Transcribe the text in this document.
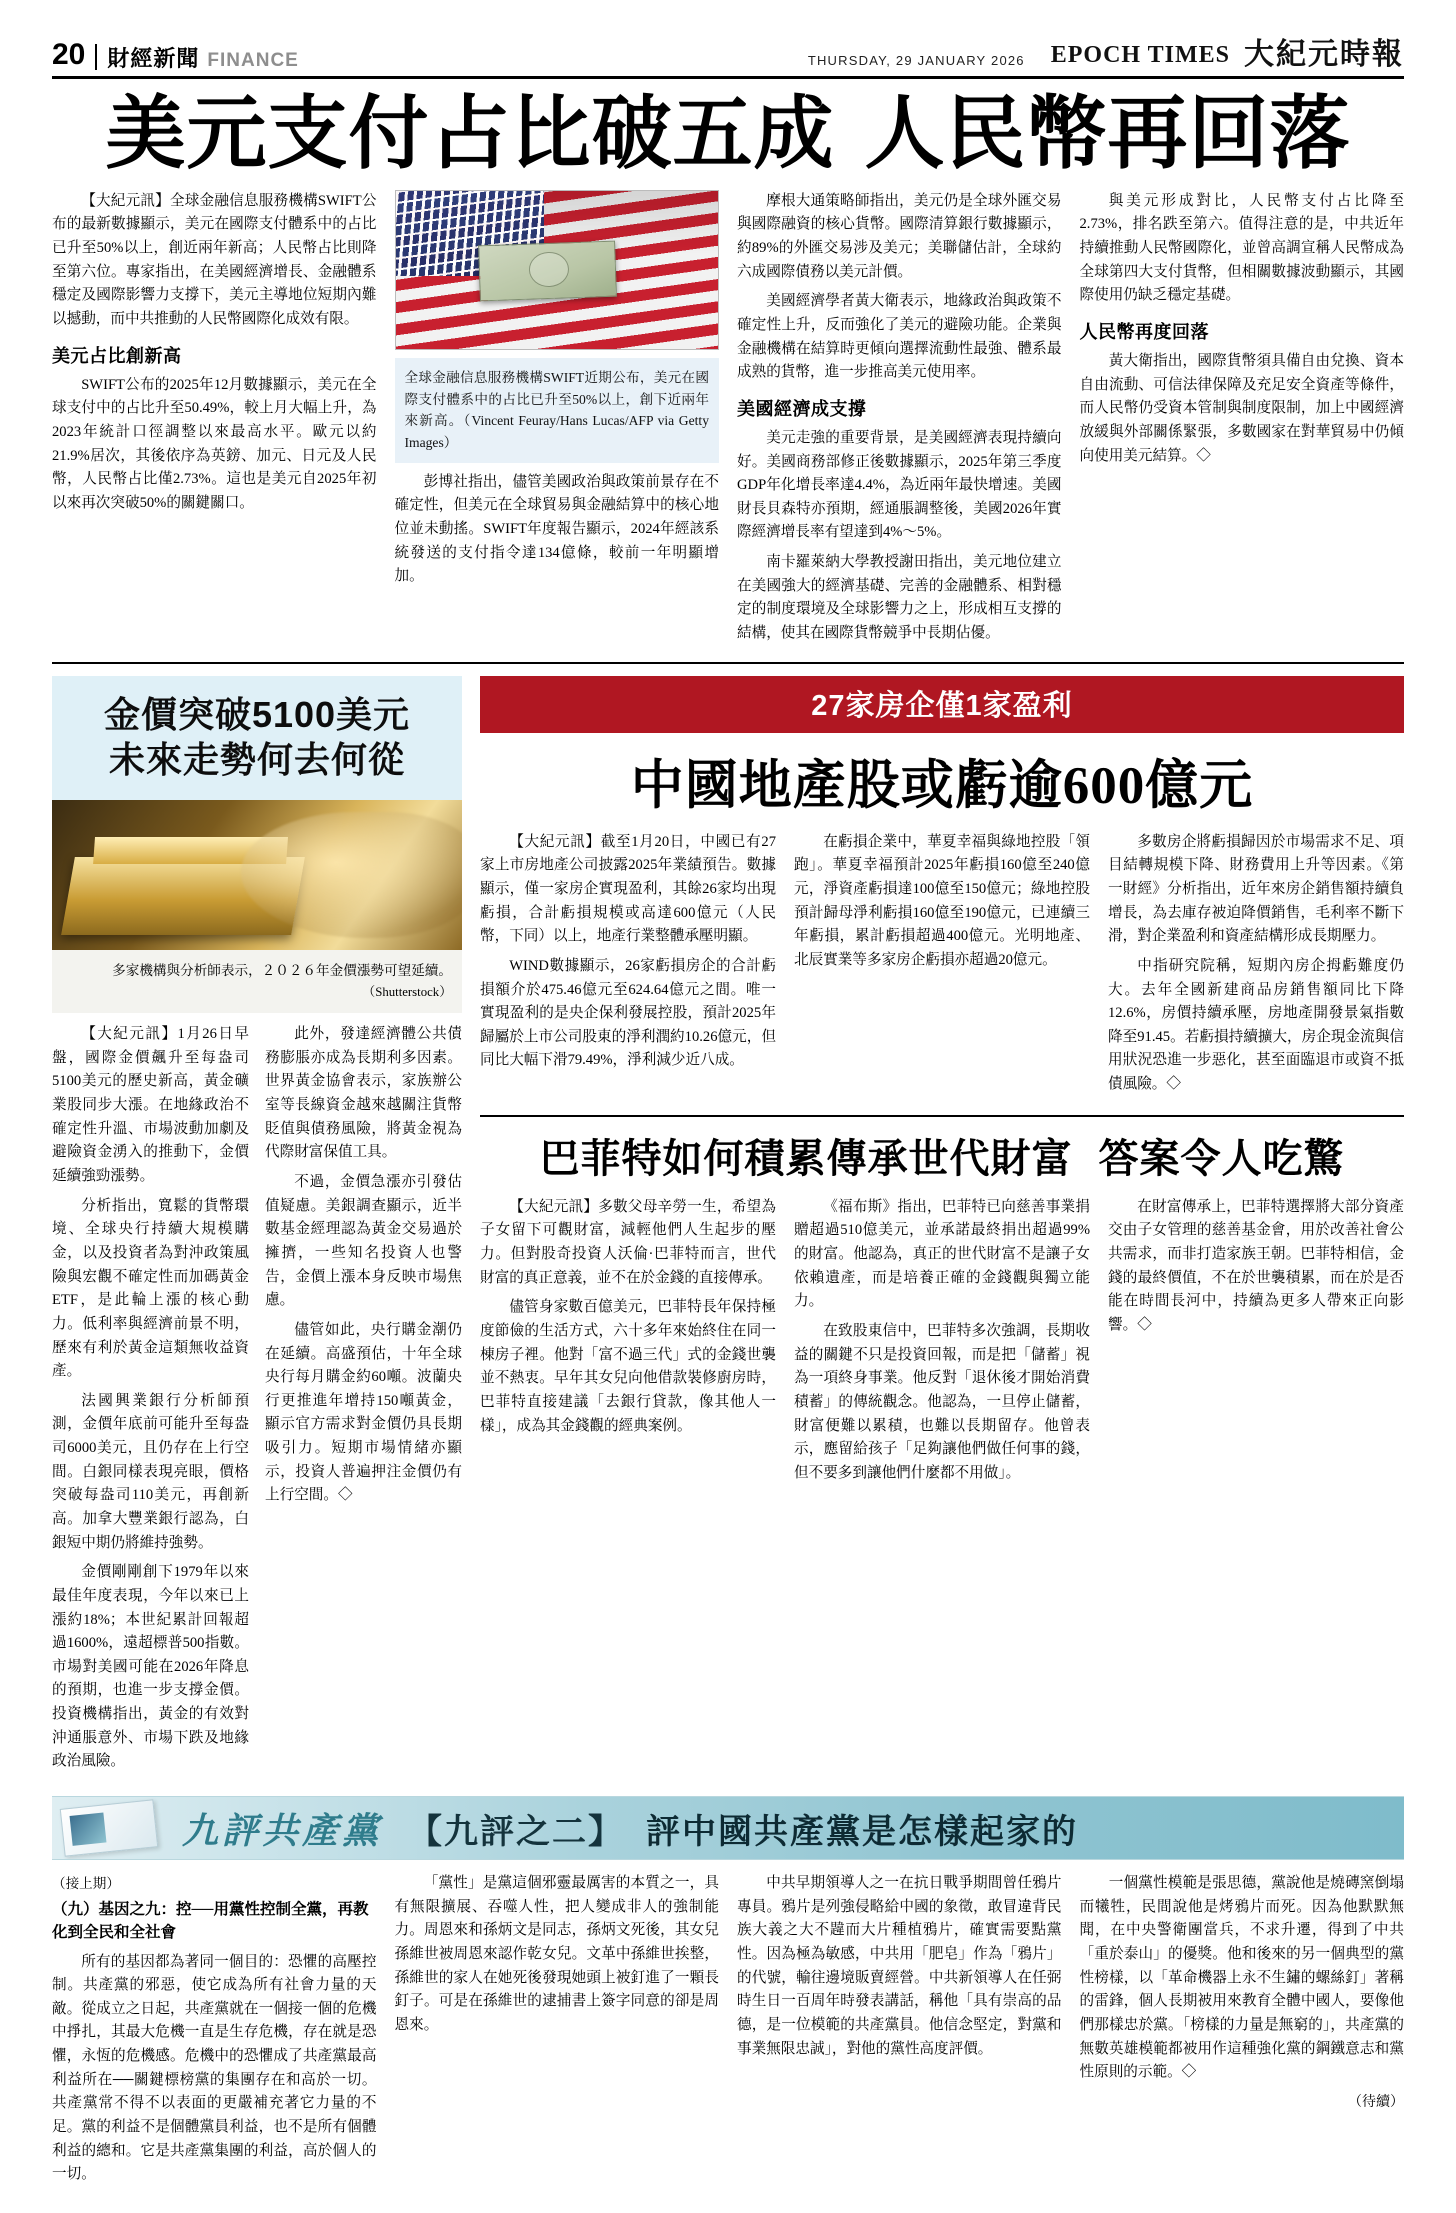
20 財經新聞 FINANCE	THURSDAY, 29 JANUARY 2026 EPOCH TIMES 大紀元時報
美元支付占比破五成 人民幣再回落

【大紀元訊】全球金融信息服務機構SWIFT公布的最新數據顯示，美元在國際支付體系中的占比已升至50%以上，創近兩年新高；人民幣占比則降至第六位。專家指出，在美國經濟增長、金融體系穩定及國際影響力支撐下，美元主導地位短期內難以撼動，而中共推動的人民幣國際化成效有限。

美元占比創新高

SWIFT公布的2025年12月數據顯示，美元在全球支付中的占比升至50.49%，較上月大幅上升，為2023年統計口徑調整以來最高水平。歐元以約21.9%居次，其後依序為英鎊、加元、日元及人民幣，人民幣占比僅2.73%。這也是美元自2025年初以來再次突破50%的關鍵關口。

全球金融信息服務機構SWIFT近期公布，美元在國際支付體系中的占比已升至50%以上，創下近兩年來新高。（Vincent Feuray/Hans Lucas/AFP via Getty Images）

彭博社指出，儘管美國政治與政策前景存在不確定性，但美元在全球貿易與金融結算中的核心地位並未動搖。SWIFT年度報告顯示，2024年經該系統發送的支付指令達134億條，較前一年明顯增加。

摩根大通策略師指出，美元仍是全球外匯交易與國際融資的核心貨幣。國際清算銀行數據顯示，約89%的外匯交易涉及美元；美聯儲估計，全球約六成國際債務以美元計價。

美國經濟學者黃大衛表示，地緣政治與政策不確定性上升，反而強化了美元的避險功能。企業與金融機構在結算時更傾向選擇流動性最強、體系最成熟的貨幣，進一步推高美元使用率。

美國經濟成支撐

美元走強的重要背景，是美國經濟表現持續向好。美國商務部修正後數據顯示，2025年第三季度GDP年化增長率達4.4%，為近兩年最快增速。美國財長貝森特亦預期，經通脹調整後，美國2026年實際經濟增長率有望達到4%～5%。

南卡羅萊納大學教授謝田指出，美元地位建立在美國強大的經濟基礎、完善的金融體系、相對穩定的制度環境及全球影響力之上，形成相互支撐的結構，使其在國際貨幣競爭中長期佔優。

與美元形成對比，人民幣支付占比降至2.73%，排名跌至第六。值得注意的是，中共近年持續推動人民幣國際化，並曾高調宣稱人民幣成為全球第四大支付貨幣，但相關數據波動顯示，其國際使用仍缺乏穩定基礎。

人民幣再度回落

黃大衛指出，國際貨幣須具備自由兌換、資本自由流動、可信法律保障及充足安全資產等條件，而人民幣仍受資本管制與制度限制，加上中國經濟放緩與外部關係緊張，多數國家在對華貿易中仍傾向使用美元結算。◇

金價突破5100美元
未來走勢何去何從
多家機構與分析師表示，２０２６年金價漲勢可望延續。 （Shutterstock）

【大紀元訊】1月26日早盤，國際金價飆升至每盎司5100美元的歷史新高，黃金礦業股同步大漲。在地緣政治不確定性升溫、市場波動加劇及避險資金湧入的推動下，金價延續強勁漲勢。

分析指出，寬鬆的貨幣環境、全球央行持續大規模購金，以及投資者為對沖政策風險與宏觀不確定性而加碼黃金ETF，是此輪上漲的核心動力。低利率與經濟前景不明，歷來有利於黃金這類無收益資產。

法國興業銀行分析師預測，金價年底前可能升至每盎司6000美元，且仍存在上行空間。白銀同樣表現亮眼，價格突破每盎司110美元，再創新高。加拿大豐業銀行認為，白銀短中期仍將維持強勢。

金價剛剛創下1979年以來最佳年度表現，今年以來已上漲約18%；本世紀累計回報超過1600%，遠超標普500指數。市場對美國可能在2026年降息的預期，也進一步支撐金價。投資機構指出，黃金的有效對沖通脹意外、市場下跌及地緣政治風險。

此外，發達經濟體公共債務膨脹亦成為長期利多因素。世界黃金協會表示，家族辦公室等長線資金越來越關注貨幣貶值與債務風險，將黃金視為代際財富保值工具。

不過，金價急漲亦引發估值疑慮。美銀調查顯示，近半數基金經理認為黃金交易過於擁擠，一些知名投資人也警告，金價上漲本身反映市場焦慮。

儘管如此，央行購金潮仍在延續。高盛預估，十年全球央行每月購金約60噸。波蘭央行更推進年增持150噸黃金，顯示官方需求對金價仍具長期吸引力。短期市場情緒亦顯示，投資人普遍押注金價仍有上行空間。◇

27家房企僅1家盈利
中國地產股或虧逾600億元

【大紀元訊】截至1月20日，中國已有27家上市房地產公司披露2025年業績預告。數據顯示，僅一家房企實現盈利，其餘26家均出現虧損，合計虧損規模或高達600億元（人民幣，下同）以上，地產行業整體承壓明顯。

WIND數據顯示，26家虧損房企的合計虧損額介於475.46億元至624.64億元之間。唯一實現盈利的是央企保利發展控股，預計2025年歸屬於上市公司股東的淨利潤約10.26億元，但同比大幅下滑79.49%，淨利減少近八成。

在虧損企業中，華夏幸福與綠地控股「領跑」。華夏幸福預計2025年虧損160億至240億元，淨資產虧損達100億至150億元；綠地控股預計歸母淨利虧損160億至190億元，已連續三年虧損，累計虧損超過400億元。光明地產、北辰實業等多家房企虧損亦超過20億元。

多數房企將虧損歸因於市場需求不足、項目結轉規模下降、財務費用上升等因素。《第一財經》分析指出，近年來房企銷售額持續負增長，為去庫存被迫降價銷售，毛利率不斷下滑，對企業盈利和資產結構形成長期壓力。

中指研究院稱，短期內房企拇虧難度仍大。去年全國新建商品房銷售額同比下降12.6%，房價持續承壓，房地產開發景氣指數降至91.45。若虧損持續擴大，房企現金流與信用狀況恐進一步惡化，甚至面臨退市或資不抵債風險。◇

巴菲特如何積累傳承世代財富 答案令人吃驚

【大紀元訊】多數父母辛勞一生，希望為子女留下可觀財富，減輕他們人生起步的壓力。但對股奇投資人沃倫·巴菲特而言，世代財富的真正意義，並不在於金錢的直接傳承。

儘管身家數百億美元，巴菲特長年保持極度節儉的生活方式，六十多年來始終住在同一棟房子裡。他對「富不過三代」式的金錢世襲並不熱衷。早年其女兒向他借款裝修廚房時，巴菲特直接建議「去銀行貸款，像其他人一樣」，成為其金錢觀的經典案例。

《福布斯》指出，巴菲特已向慈善事業捐贈超過510億美元，並承諾最終捐出超過99%的財富。他認為，真正的世代財富不是讓子女依賴遺產，而是培養正確的金錢觀與獨立能力。

在致股東信中，巴菲特多次強調，長期收益的關鍵不只是投資回報，而是把「儲蓄」視為一項終身事業。他反對「退休後才開始消費積蓄」的傳統觀念。他認為，一旦停止儲蓄，財富便難以累積，也難以長期留存。他曾表示，應留給孩子「足夠讓他們做任何事的錢，但不要多到讓他們什麼都不用做」。

在財富傳承上，巴菲特選擇將大部分資產交由子女管理的慈善基金會，用於改善社會公共需求，而非打造家族王朝。巴菲特相信，金錢的最終價值，不在於世襲積累，而在於是否能在時間長河中，持續為更多人帶來正向影響。◇

九評共產黨 【九評之二】 評中國共產黨是怎樣起家的

（接上期）

（九）基因之九：控──用黨性控制全黨，再教化到全民和全社會

所有的基因都為著同一個目的：恐懼的高壓控制。共產黨的邪惡，使它成為所有社會力量的天敵。從成立之日起，共產黨就在一個接一個的危機中掙扎，其最大危機一直是生存危機，存在就是恐懼，永恆的危機感。危機中的恐懼成了共產黨最高利益所在──關鍵標榜黨的集團存在和高於一切。共產黨常不得不以表面的更嚴補充著它力量的不足。黨的利益不是個體黨員利益，也不是所有個體利益的總和。它是共產黨集團的利益，高於個人的一切。

「黨性」是黨這個邪靈最厲害的本質之一，具有無限擴展、吞噬人性，把人變成非人的強制能力。周恩來和孫炳文是同志，孫炳文死後，其女兒孫維世被周恩來認作乾女兒。文革中孫維世挨整，孫維世的家人在她死後發現她頭上被釘進了一顆長釘子。可是在孫維世的逮捕書上簽字同意的卻是周恩來。

中共早期領導人之一在抗日戰爭期間曾任鴉片專員。鴉片是列強侵略給中國的象徵，敢冒違背民族大義之大不韙而大片種植鴉片，確實需要點黨性。因為極為敏感，中共用「肥皂」作為「鴉片」的代號，輸往邊境販賣經營。中共新領導人在任弼時生日一百周年時發表講話，稱他「具有崇高的品德，是一位模範的共產黨員。他信念堅定，對黨和事業無限忠誠」，對他的黨性高度評價。

一個黨性模範是張思德，黨說他是燒磚窯倒塌而犧牲，民間說他是烤鴉片而死。因為他默默無聞，在中央警衛團當兵，不求升遷，得到了中共「重於泰山」的優獎。他和後來的另一個典型的黨性榜樣，以「革命機器上永不生鏽的螺絲釘」著稱的雷鋒，個人長期被用來教育全體中國人，要像他們那樣忠於黨。「榜樣的力量是無窮的」，共產黨的無數英雄模範都被用作這種強化黨的鋼鐵意志和黨性原則的示範。◇

（待續）
